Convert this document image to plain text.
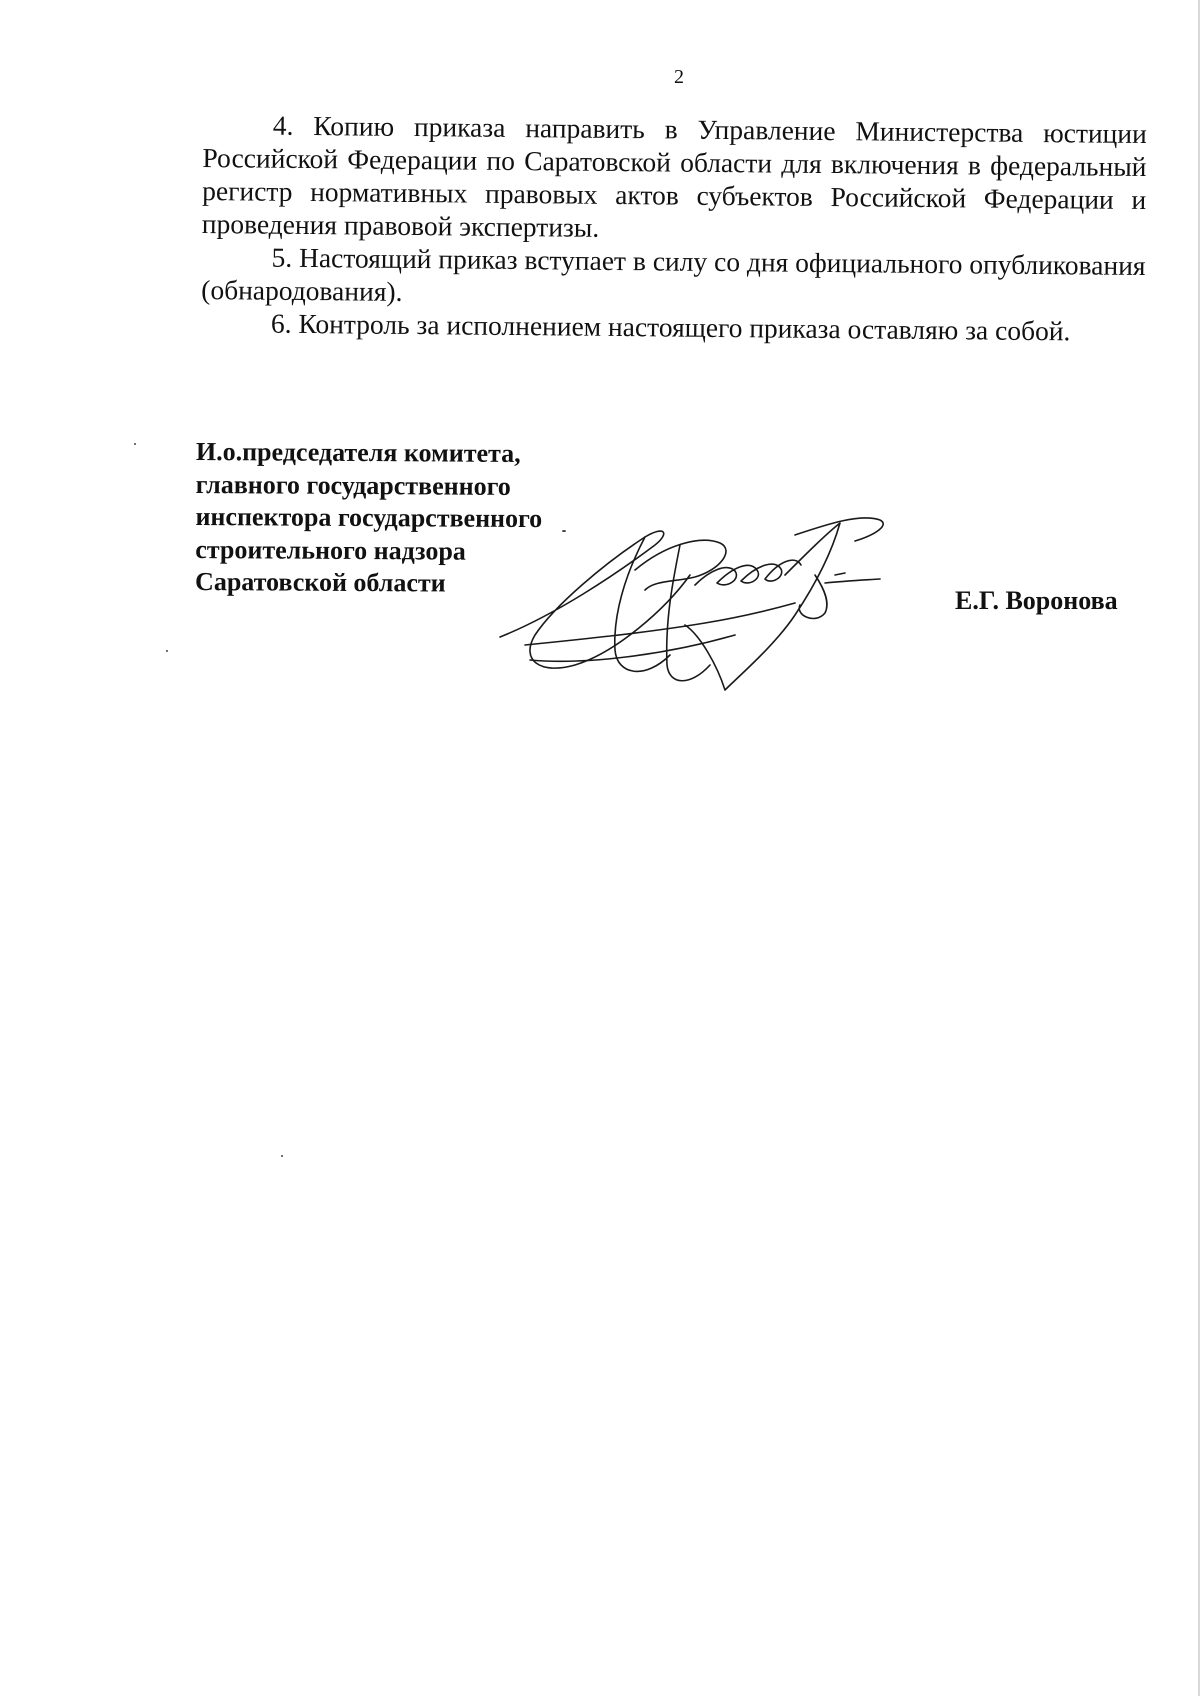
2

4. Копию приказа направить в Управление Министерства юстиции Российской Федерации по Саратовской области для включения в федеральный регистр нормативных правовых актов субъектов Российской Федерации и проведения правовой экспертизы.

5. Настоящий приказ вступает в силу со дня официального опубликования (обнародования).

6. Контроль за исполнением настоящего приказа оставляю за собой.

И.о.председателя комитета,
главного государственного
инспектора государственного
строительного надзора
Саратовской области
Е.Г. Воронова
